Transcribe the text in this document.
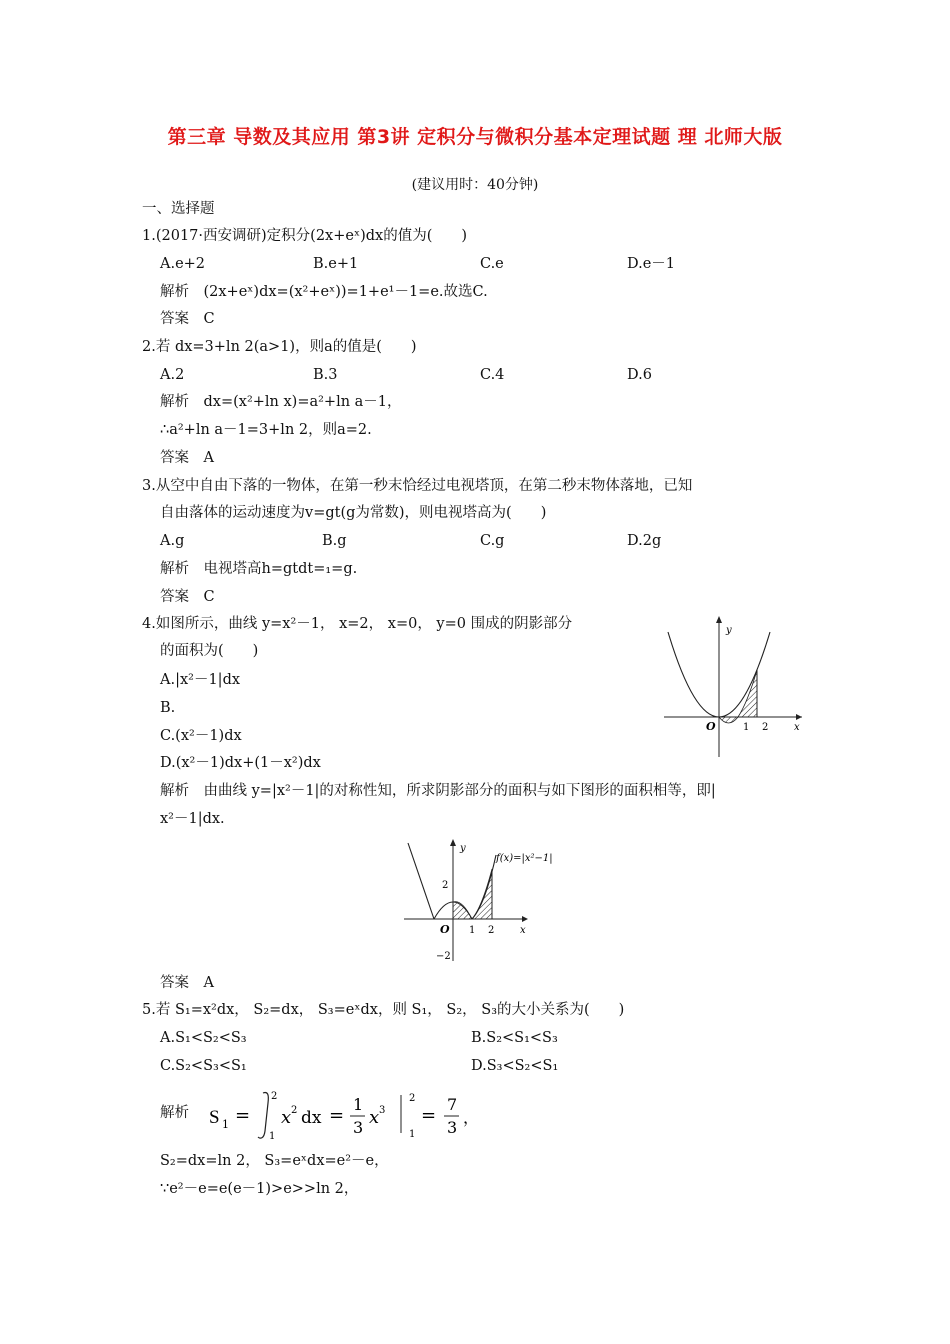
第三章 导数及其应用 第3讲 定积分与微积分基本定理试题 理 北师大版
(建议用时：40分钟)
一、选择题
1.(2017·西安调研)定积分(2x+eˣ)dx的值为(　　)
A.e+2	B.e+1	C.e	D.e－1
解析　(2x+eˣ)dx=(x²+eˣ))=1+e¹－1=e.故选C.
答案　C
2.若 dx=3+ln 2(a>1)，则a的值是(　　)
A.2	B.3	C.4	D.6
解析　dx=(x²+ln x)=a²+ln a－1，
∴a²+ln a－1=3+ln 2，则a=2.
答案　A
3.从空中自由下落的一物体，在第一秒末恰经过电视塔顶，在第二秒末物体落地，已知
自由落体的运动速度为v=gt(g为常数)，则电视塔高为(　　)
A.g	B.g	C.g	D.2g
解析　电视塔高h=gtdt=₁=g.
答案　C
4.如图所示，曲线 y=x²－1， x=2， x=0， y=0 围成的阴影部分
的面积为(　　)
A.|x²－1|dx
B.
C.(x²－1)dx
D.(x²－1)dx+(1－x²)dx
解析　由曲线 y=|x²－1|的对称性知，所求阴影部分的面积与如下图形的面积相等，即|
x²－1|dx.
答案　A
y
x
O	1 2
y
x
O 1 2
2
−2
f(x)=|x²−1|
5.若 S₁=x²dx， S₂=dx， S₃=eˣdx，则 S₁， S₂， S₃的大小关系为(　　)
A.S₁<S₂<S₃	B.S₂<S₁<S₃
C.S₂<S₃<S₁	D.S₃<S₂<S₁
解析 S 1 =
2
1
x 2 dx =
1
3 x 3
2
1
=
7
3
，
S₂=dx=ln 2， S₃=eˣdx=e²－e，
∵e²－e=e(e－1)>e>>ln 2，
